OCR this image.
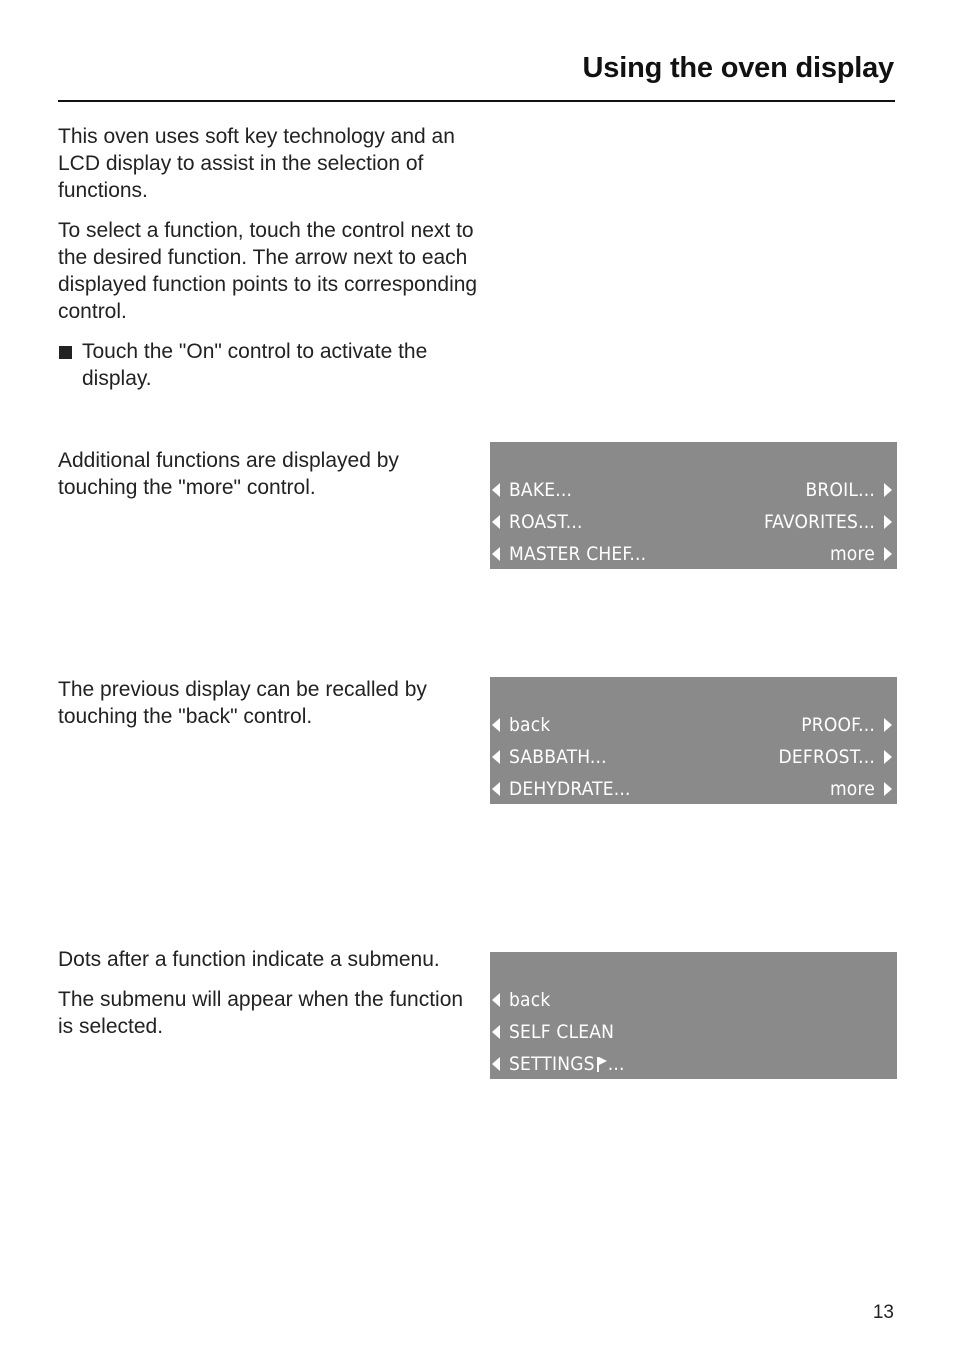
Using the oven display

This oven uses soft key technology and an LCD display to assist in the selection of functions.

To select a function, touch the control next to the desired function. The arrow next to each displayed function points to its corresponding control.

Touch the "On" control to activate the display.

Additional functions are displayed by touching the "more" control.

The previous display can be recalled by touching the "back" control.

Dots after a function indicate a submenu.

The submenu will appear when the function is selected.

BAKE...	BROIL...
ROAST...	FAVORITES...
MASTER CHEF...	more
back	PROOF...
SABBATH...	DEFROST...
DEHYDRATE...	more
back
SELF CLEAN
SETTINGS ...
13
